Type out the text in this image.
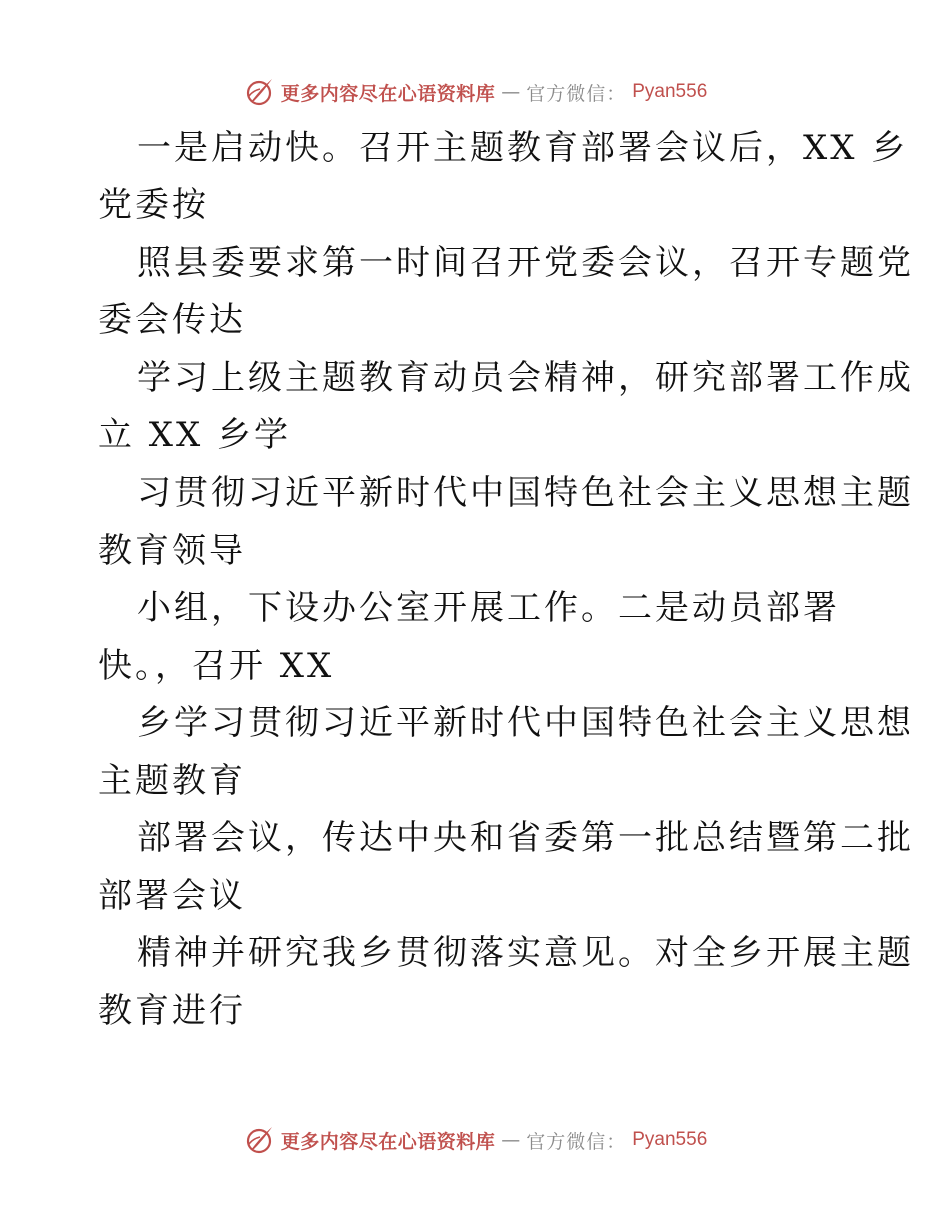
更多内容尽在心语资料库 — 官方微信： Pyan556
一是启动快。召开主题教育部署会议后，XX 乡
党委按
照县委要求第一时间召开党委会议，召开专题党
委会传达
学习上级主题教育动员会精神，研究部署工作成
立 XX 乡学
习贯彻习近平新时代中国特色社会主义思想主题
教育领导
小组，下设办公室开展工作。二是动员部署
快。，召开 XX
乡学习贯彻习近平新时代中国特色社会主义思想
主题教育
部署会议，传达中央和省委第一批总结暨第二批
部署会议
精神并研究我乡贯彻落实意见。对全乡开展主题
教育进行
更多内容尽在心语资料库 — 官方微信： Pyan556
